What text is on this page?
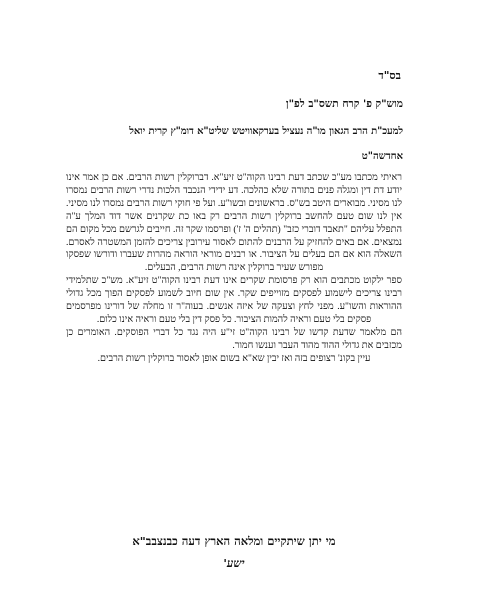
בס"ד
מוש"ק פ' קרח תשס"ב לפ"ן
למעכ"ת הרב הגאון מו"ה נעציל בערקאוויטש שליט"א דומ"ץ קרית יואל
אחדשה"ט

ראיתי מכתבו מע"כ שכתב דעת רבינו הקוה"ט זיע"א. דברוקלין רשות הרבים. אם כן אמר אינו יודע דת דין ומגלה פנים בתורה שלא כהלכה. דע ידידי הנכבד הלכות נדרי רשות הרבים נמסרו לנו מסיני. מבוארים היטב בש"ס. בראשונים ובשו"ע. ועל פי חוקי רשות הרבים נמסרו לנו מסיני. אין לנו שום טעם להחשב ברוקלין רשות הרבים רק באו כת שקרנים אשר דוד המלך ע"ה התפלל עליהם "תאבד דוברי כזב" (תהלים ה' ז') ופרסמו שקר זה. חייבים לגרשם מכל מקום הם נמצאים. אם באים להחזיק על הרבנים להתום לאסור עירובין צריכים להזמן המשטרה לאסרם. השאלה הוא אם הם בעלים על הציבור. או רבנים מוראי הוראה מהרות שעברו ודורשו שפסקו מפורש שעיר ברוקלין אינה רשות הרבים, הבעלים.

ספר ילקוט מכתבים הוא רק פרסומת שקרים אינו דעת רבינו הקוה"ט זיע"א. מש"כ שתלמידי רבינו צריכים לישמוע לפסקים מזוייפים שקר. אין שום חיוב לשמוע לפסקים הפוך מכל גדולי ההוראות והשו"ע. מפני לחץ וצעקה של איזה אנשים. בעוה"ר זו מחלה של דורינו מפרסמים פסקים בלי טעם וראיה להמות הציבור. כל פסק דין בלי טעם וראיה אינו כלום.

הם מלאמר שדעת קדשו של רבינו הקוה"ט זי"ע היה נגד כל דברי הפוסקים. האומרים כן מכזבים את גדולי ההוד מהוד העבר וענשו חמור.

עיין בקונ' רצופים בזה ואז יבין שא"א בשום אופן לאסור ברוקלין רשות הרבים.

מי יתן שיתקיים ומלאה הארץ דעה כבנצבב"א
ישע'
